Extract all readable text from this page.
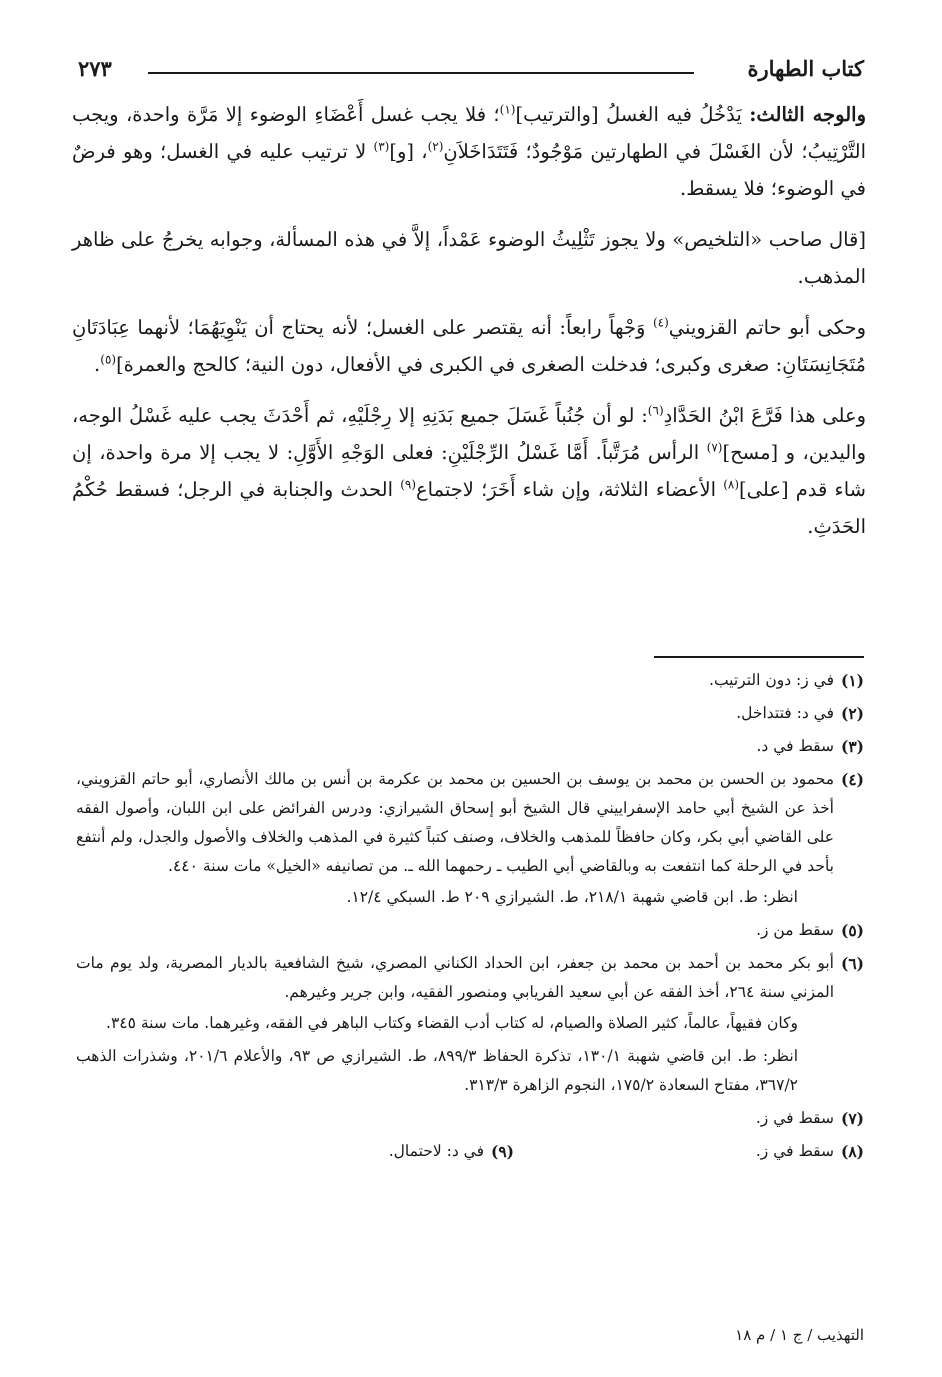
كتاب الطهارة
٢٧٣

والوجه الثالث: يَدْخُلُ فيه الغسلُ [والترتيب]$^{(١)}$؛ فلا يجب غسل أَعْضَاءِ الوضوء إلا مَرَّة واحدة، ويجب التَّرْتِيبُ؛ لأن الغَسْلَ في الطهارتين مَوْجُودٌ؛ فَتَتَدَاخَلاَنِ$^{(٢)}$، [و]$^{(٣)}$ لا ترتيب عليه في الغسل؛ وهو فرضٌ في الوضوء؛ فلا يسقط.

[قال صاحب «التلخيص» ولا يجوز تَثْلِيثُ الوضوء عَمْداً، إلاَّ في هذه المسألة، وجوابه يخرجُ على ظاهر المذهب.

وحكى أبو حاتم القزويني$^{(٤)}$ وَجْهاً رابعاً: أنه يقتصر على الغسل؛ لأنه يحتاج أن يَنْوِيَهُمَا؛ لأنهما عِبَادَتَانِ مُتَجَانِسَتَانِ: صغرى وكبرى؛ فدخلت الصغرى في الكبرى في الأفعال، دون النية؛ كالحج والعمرة]$^{(٥)}$.

وعلى هذا فَرَّعَ ابْنُ الحَدَّادِ$^{(٦)}$: لو أن جُنُباً غَسَلَ جميع بَدَنِهِ إلا رِجْلَيْهِ، ثم أَحْدَثَ يجب عليه غَسْلُ الوجه، واليدين، و [مسح]$^{(٧)}$ الرأس مُرَتَّباً. أَمَّا غَسْلُ الرِّجْلَيْنِ: فعلى الوَجْهِ الأَوَّلِ: لا يجب إلا مرة واحدة، إن شاء قدم [على]$^{(٨)}$ الأعضاء الثلاثة، وإن شاء أَخَرَ؛ لاجتماع$^{(٩)}$ الحدث والجنابة في الرجل؛ فسقط حُكْمُ الحَدَثِ.

(١)
في ز: دون الترتيب.
(٢)
في د: فتتداخل.
(٣)
سقط في د.
(٤)
محمود بن الحسن بن محمد بن يوسف بن الحسين بن محمد بن عكرمة بن أنس بن مالك الأنصاري، أبو حاتم القزويني، أخذ عن الشيخ أبي حامد الإسفراييني قال الشيخ أبو إسحاق الشيرازي: ودرس الفرائض على ابن اللبان، وأصول الفقه على القاضي أبي بكر، وكان حافظاً للمذهب والخلاف، وصنف كتباً كثيرة في المذهب والخلاف والأصول والجدل، ولم أنتفع بأحد في الرحلة كما انتفعت به وبالقاضي أبي الطيب ـ رحمهما الله ـ. من تصانيفه «الخيل» مات سنة ٤٤٠.
انظر: ط. ابن قاضي شهبة ٢١٨/١، ط. الشيرازي ٢٠٩ ط. السبكي ١٢/٤.
(٥)
سقط من ز.
(٦)
أبو بكر محمد بن أحمد بن محمد بن جعفر، ابن الحداد الكناني المصري، شيخ الشافعية بالديار المصرية، ولد يوم مات المزني سنة ٢٦٤، أخذ الفقه عن أبي سعيد الفريابي ومنصور الفقيه، وابن جرير وغيرهم.
وكان فقيهاً، عالماً، كثير الصلاة والصيام، له كتاب أدب القضاء وكتاب الباهر في الفقه، وغيرهما. مات سنة ٣٤٥.
انظر: ط. ابن قاضي شهبة ١٣٠/١، تذكرة الحفاظ ٨٩٩/٣، ط. الشيرازي ص ٩٣، والأعلام ٢٠١/٦، وشذرات الذهب ٣٦٧/٢، مفتاح السعادة ١٧٥/٢، النجوم الزاهرة ٣١٣/٣.
(٧)
سقط في ز.
(٨)
سقط في ز.
(٩)
في د: لاحتمال.
التهذيب / ج ١ / م ١٨
